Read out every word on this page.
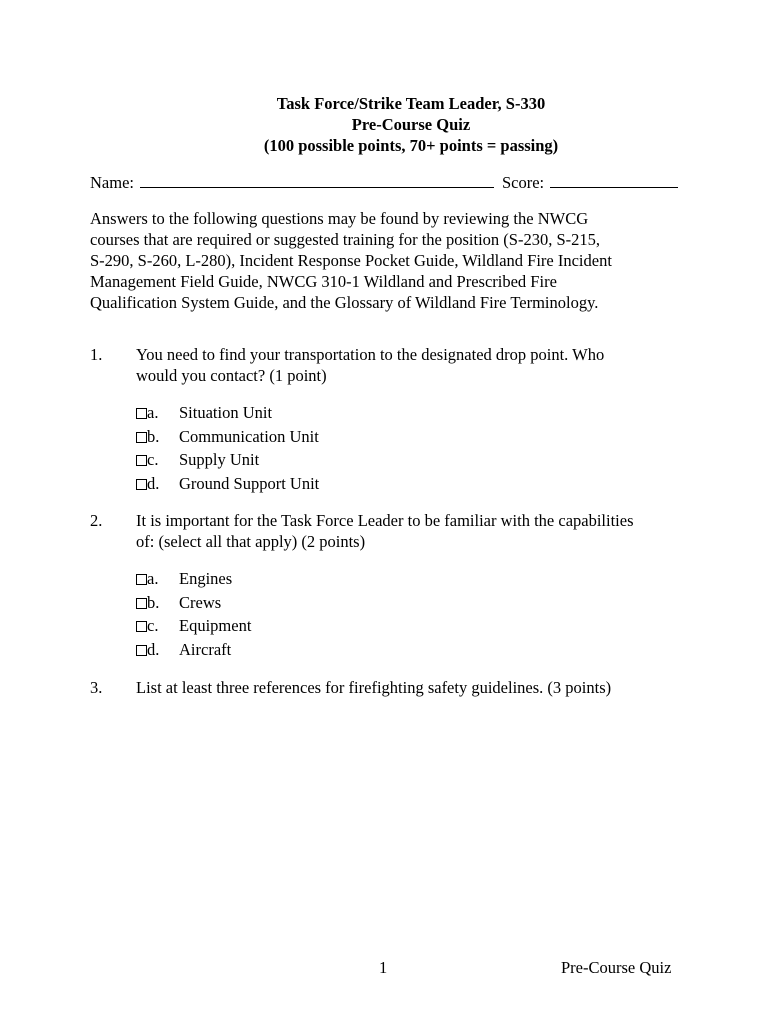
Task Force/Strike Team Leader, S-330
Pre-Course Quiz
(100 possible points, 70+ points = passing)
Name:	Score:
Answers to the following questions may be found by reviewing the NWCG
courses that are required or suggested training for the position (S-230, S-215,
S-290, S-260, L-280), Incident Response Pocket Guide, Wildland Fire Incident
Management Field Guide, NWCG 310-1 Wildland and Prescribed Fire
Qualification System Guide, and the Glossary of Wildland Fire Terminology.
1. You need to find your transportation to the designated drop point. Who
would you contact? (1 point)
a. Situation Unit
b. Communication Unit
c. Supply Unit
d. Ground Support Unit
2. It is important for the Task Force Leader to be familiar with the capabilities
of: (select all that apply) (2 points)
a. Engines
b. Crews
c. Equipment
d. Aircraft
3. List at least three references for firefighting safety guidelines. (3 points)
1	Pre-Course Quiz
